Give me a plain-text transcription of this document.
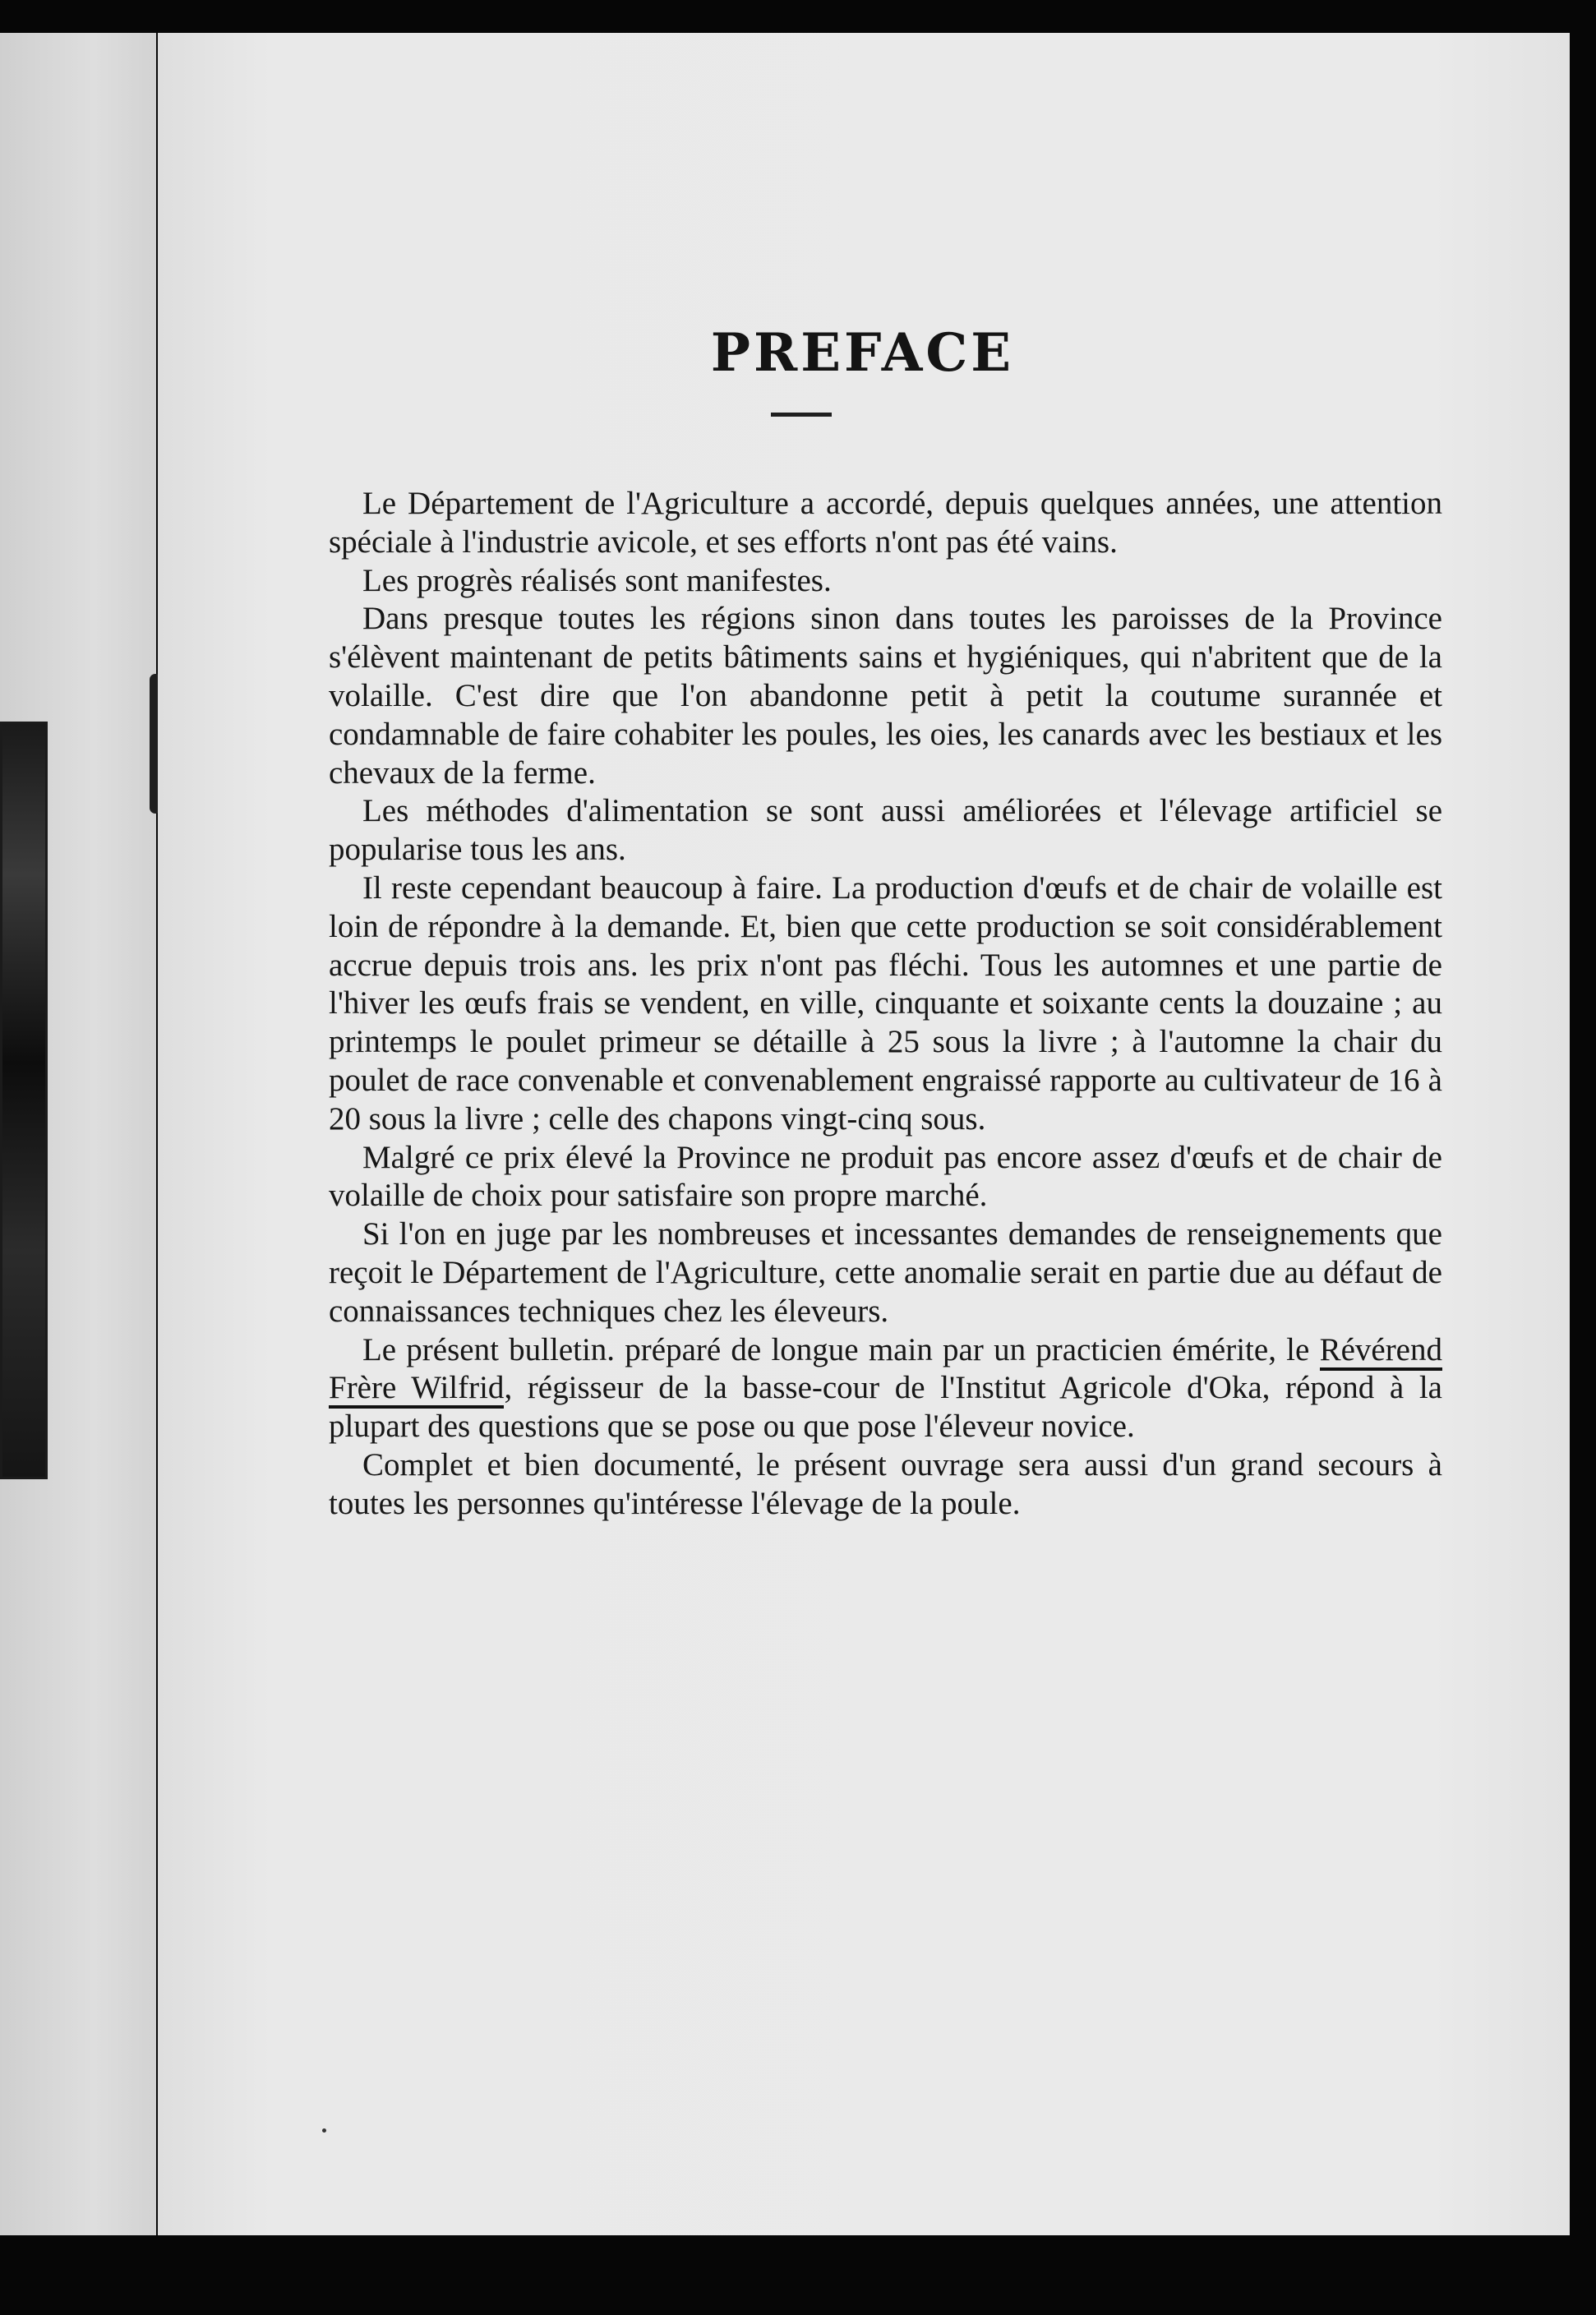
PREFACE

Le Département de l'Agriculture a accordé, depuis quelques années, une attention spéciale à l'industrie avicole, et ses efforts n'ont pas été vains.

Les progrès réalisés sont manifestes.

Dans presque toutes les régions sinon dans toutes les paroisses de la Province s'élèvent maintenant de petits bâtiments sains et hygiéniques, qui n'abritent que de la volaille. C'est dire que l'on abandonne petit à petit la coutume surannée et condamnable de faire cohabiter les poules, les oies, les canards avec les bestiaux et les chevaux de la ferme.

Les méthodes d'alimentation se sont aussi améliorées et l'élevage artificiel se popularise tous les ans.

Il reste cependant beaucoup à faire. La production d'œufs et de chair de volaille est loin de répondre à la demande. Et, bien que cette production se soit considérablement accrue depuis trois ans. les prix n'ont pas fléchi. Tous les automnes et une partie de l'hiver les œufs frais se vendent, en ville, cinquante et soixante cents la douzaine ; au printemps le poulet primeur se détaille à 25 sous la livre ; à l'automne la chair du poulet de race convenable et convenablement engraissé rapporte au cultivateur de 16 à 20 sous la livre ; celle des chapons vingt-cinq sous.

Malgré ce prix élevé la Province ne produit pas encore assez d'œufs et de chair de volaille de choix pour satisfaire son propre marché.

Si l'on en juge par les nombreuses et incessantes demandes de renseignements que reçoit le Département de l'Agriculture, cette anomalie serait en partie due au défaut de connaissances techniques chez les éleveurs.

Le présent bulletin. préparé de longue main par un practicien émérite, le Révérend Frère Wilfrid, régisseur de la basse-cour de l'Institut Agricole d'Oka, répond à la plupart des questions que se pose ou que pose l'éleveur novice.

Complet et bien documenté, le présent ouvrage sera aussi d'un grand secours à toutes les personnes qu'intéresse l'élevage de la poule.
